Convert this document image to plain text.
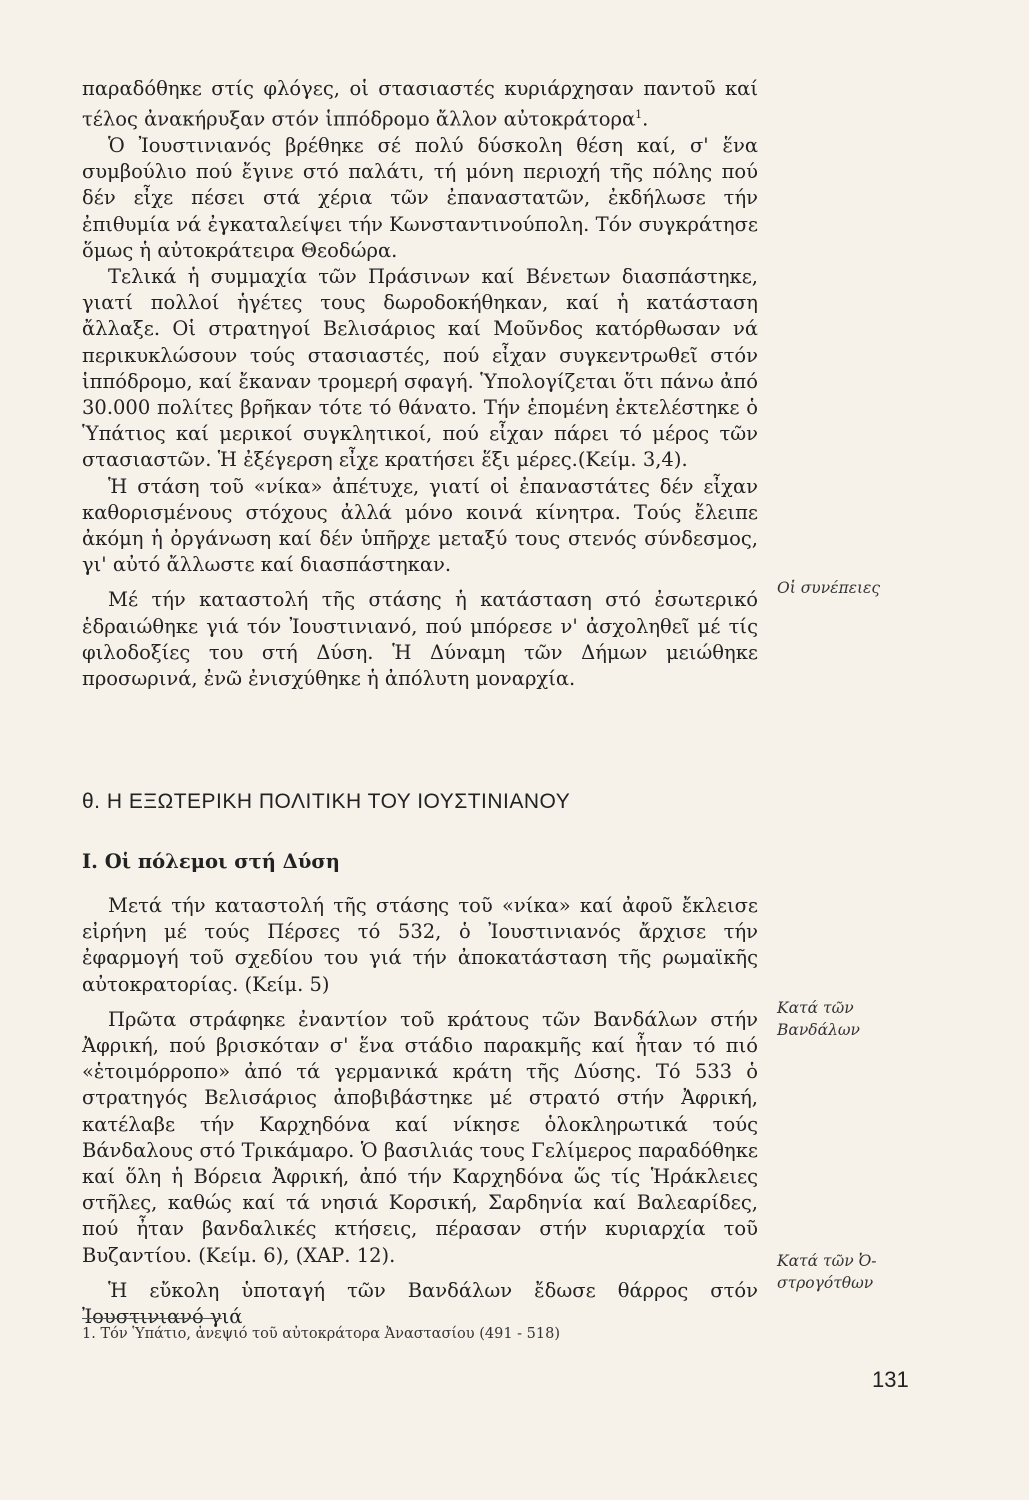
παραδόθηκε στίς φλόγες, οἱ στασιαστές κυριάρχησαν παντοῦ καί τέλος ἀνακήρυξαν στόν ἱππόδρομο ἄλλον αὐτοκράτορα$^1$.

Ὁ Ἰουστινιανός βρέθηκε σέ πολύ δύσκολη θέση καί, σ' ἕνα συμβούλιο πού ἔγινε στό παλάτι, τή μόνη περιοχή τῆς πόλης πού δέν εἶχε πέσει στά χέρια τῶν ἐπαναστατῶν, ἐκδήλωσε τήν ἐπιθυμία νά ἐγκαταλείψει τήν Κωνσταντινούπολη. Τόν συγκράτησε ὅμως ἡ αὐτοκράτειρα Θεοδώρα.

Τελικά ἡ συμμαχία τῶν Πράσινων καί Βένετων διασπάστηκε, γιατί πολλοί ἡγέτες τους δωροδοκήθηκαν, καί ἡ κατάσταση ἄλλαξε. Οἱ στρατηγοί Βελισάριος καί Μοῦνδος κατόρθωσαν νά περικυκλώσουν τούς στασιαστές, πού εἶχαν συγκεντρωθεῖ στόν ἱππόδρομο, καί ἔκαναν τρομερή σφαγή. Ὑπολογίζεται ὅτι πάνω ἀπό 30.000 πολίτες βρῆκαν τότε τό θάνατο. Τήν ἑπομένη ἐκτελέστηκε ὁ Ὑπάτιος καί μερικοί συγκλητικοί, πού εἶχαν πάρει τό μέρος τῶν στασιαστῶν. Ἡ ἐξέγερση εἶχε κρατήσει ἕξι μέρες.(Κείμ. 3,4).

Ἡ στάση τοῦ «νίκα» ἀπέτυχε, γιατί οἱ ἐπαναστάτες δέν εἶχαν καθορισμένους στόχους ἀλλά μόνο κοινά κίνητρα. Τούς ἔλειπε ἀκόμη ἡ ὀργάνωση καί δέν ὑπῆρχε μεταξύ τους στενός σύνδεσμος, γι' αὐτό ἄλλωστε καί διασπάστηκαν.

Μέ τήν καταστολή τῆς στάσης ἡ κατάσταση στό ἐσωτερικό ἑδραιώθηκε γιά τόν Ἰουστινιανό, πού μπόρεσε ν' ἀσχοληθεῖ μέ τίς φιλοδοξίες του στή Δύση. Ἡ Δύναμη τῶν Δήμων μειώθηκε προσωρινά, ἐνῶ ἐνισχύθηκε ἡ ἀπόλυτη μοναρχία.

Οἱ συνέπειες
θ. Η ΕΞΩΤΕΡΙΚΗ ΠΟΛΙΤΙΚΗ ΤΟΥ ΙΟΥΣΤΙΝΙΑΝΟΥ
Ι. Οἱ πόλεμοι στή Δύση

Μετά τήν καταστολή τῆς στάσης τοῦ «νίκα» καί ἀφοῦ ἔκλεισε εἰρήνη μέ τούς Πέρσες τό 532, ὁ Ἰουστινιανός ἄρχισε τήν ἐφαρμογή τοῦ σχεδίου του γιά τήν ἀποκατάσταση τῆς ρωμαϊκῆς αὐτοκρατορίας. (Κείμ. 5)

Πρῶτα στράφηκε ἐναντίον τοῦ κράτους τῶν Βανδάλων στήν Ἀφρική, πού βρισκόταν σ' ἕνα στάδιο παρακμῆς καί ἦταν τό πιό «ἑτοιμόρροπο» ἀπό τά γερμανικά κράτη τῆς Δύσης. Τό 533 ὁ στρατηγός Βελισάριος ἀποβιβάστηκε μέ στρατό στήν Ἀφρική, κατέλαβε τήν Καρχηδόνα καί νίκησε ὁλοκληρωτικά τούς Βάνδαλους στό Τρικάμαρο. Ὁ βασιλιάς τους Γελίμερος παραδόθηκε καί ὅλη ἡ Βόρεια Ἀφρική, ἀπό τήν Καρχηδόνα ὥς τίς Ἡράκλειες στῆλες, καθώς καί τά νησιά Κορσική, Σαρδηνία καί Βαλεαρίδες, πού ἦταν βανδαλικές κτήσεις, πέρασαν στήν κυριαρχία τοῦ Βυζαντίου. (Κείμ. 6), (ΧΑΡ. 12).

Ἡ εὔκολη ὑποταγή τῶν Βανδάλων ἔδωσε θάρρος στόν Ἰουστινιανό γιά

Κατά τῶν
Βανδάλων
Κατά τῶν Ὀ-
στρογότθων
1. Τόν Ὑπάτιο, ἀνεψιό τοῦ αὐτοκράτορα Ἀναστασίου (491 - 518)
131
